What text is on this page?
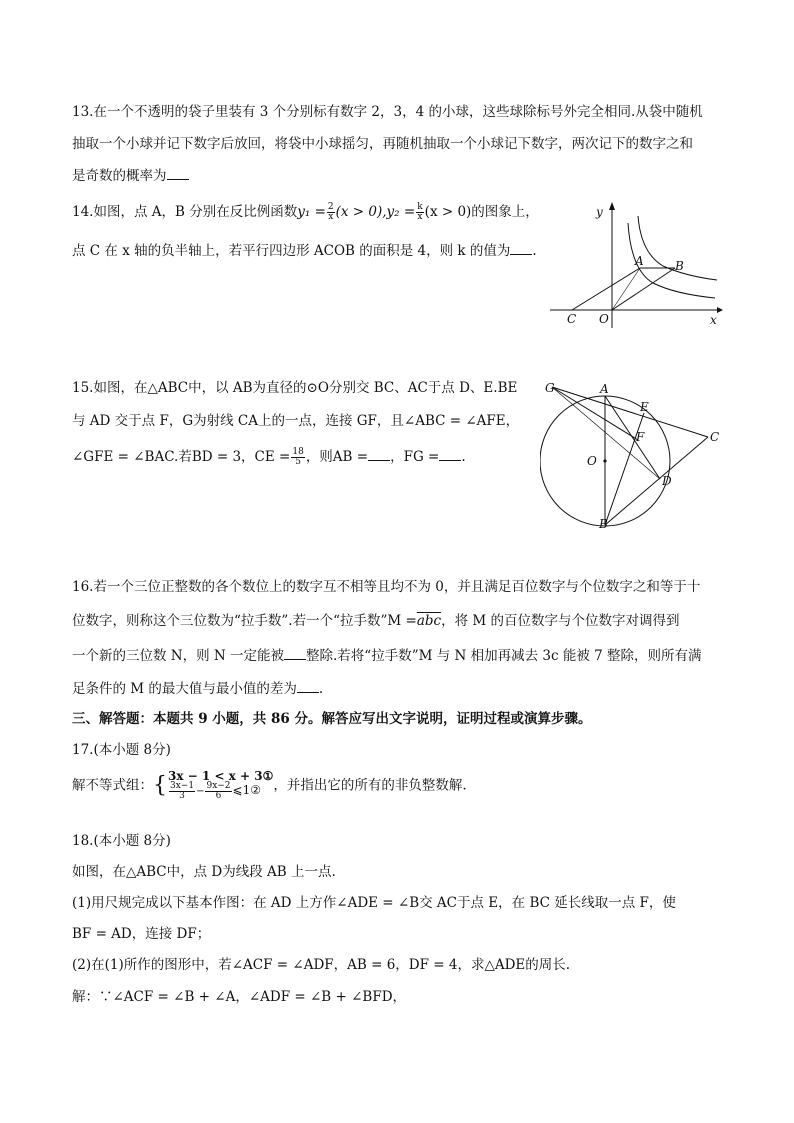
13.在一个不透明的袋子里装有 3 个分别标有数字 2，3，4 的小球，这些球除标号外完全相同.从袋中随机
抽取一个小球并记下数字后放回，将袋中小球摇匀，再随机抽取一个小球记下数字，两次记下的数字之和
是奇数的概率为
14.如图，点 A，B 分别在反比例函数$y_1 = \frac{2}{x} (x > 0),y_2 = \frac{k}{x} (x > 0)$的图象上，
点 C 在 x 轴的负半轴上，若平行四边形 ACOB 的面积是 4，则 k 的值为 .
y
x
A	B
C O
15.如图，在△ABC中，以 AB为直径的⊙O分别交 BC、AC于点 D、E.BE
与 AD 交于点 F，G为射线 CA上的一点，连接 GF，且∠ABC = ∠AFE，
∠GFE = ∠BAC.若BD = 3，CE = $\frac{18}{5}$ ，则AB = ，FG = .
G	A
E
C
F
O
D
B
16.若一个三位正整数的各个数位上的数字互不相等且均不为 0，并且满足百位数字与个位数字之和等于十
位数字，则称这个三位数为“拉手数”.若一个“拉手数”M $=\overline{abc}$，将 M 的百位数字与个位数字对调得到
一个新的三位数 N，则 N 一定能被 整除.若将“拉手数”M 与 N 相加再减去 3c 能被 7 整除，则所有满
足条件的 M 的最大值与最小值的差为 .
三、解答题：本题共 9 小题，共 86 分。解答应写出文字说明，证明过程或演算步骤。
17.(本小题 8分)
解不等式组：{ 3x − 1 < x + 3①
$\frac{3x-1}{3} - \frac{9x-2}{6}$ ⩽1② ，并指出它的所有的非负整数解.
18.(本小题 8分)
如图，在△ABC中，点 D为线段 AB 上一点.
(1)用尺规完成以下基本作图：在 AD 上方作∠ADE = ∠B交 AC于点 E，在 BC 延长线取一点 F，使
BF = AD，连接 DF；
(2)在(1)所作的图形中，若∠ACF = ∠ADF，AB = 6，DF = 4，求△ADE的周长.
解：∵∠ACF = ∠B + ∠A，∠ADF = ∠B + ∠BFD，
